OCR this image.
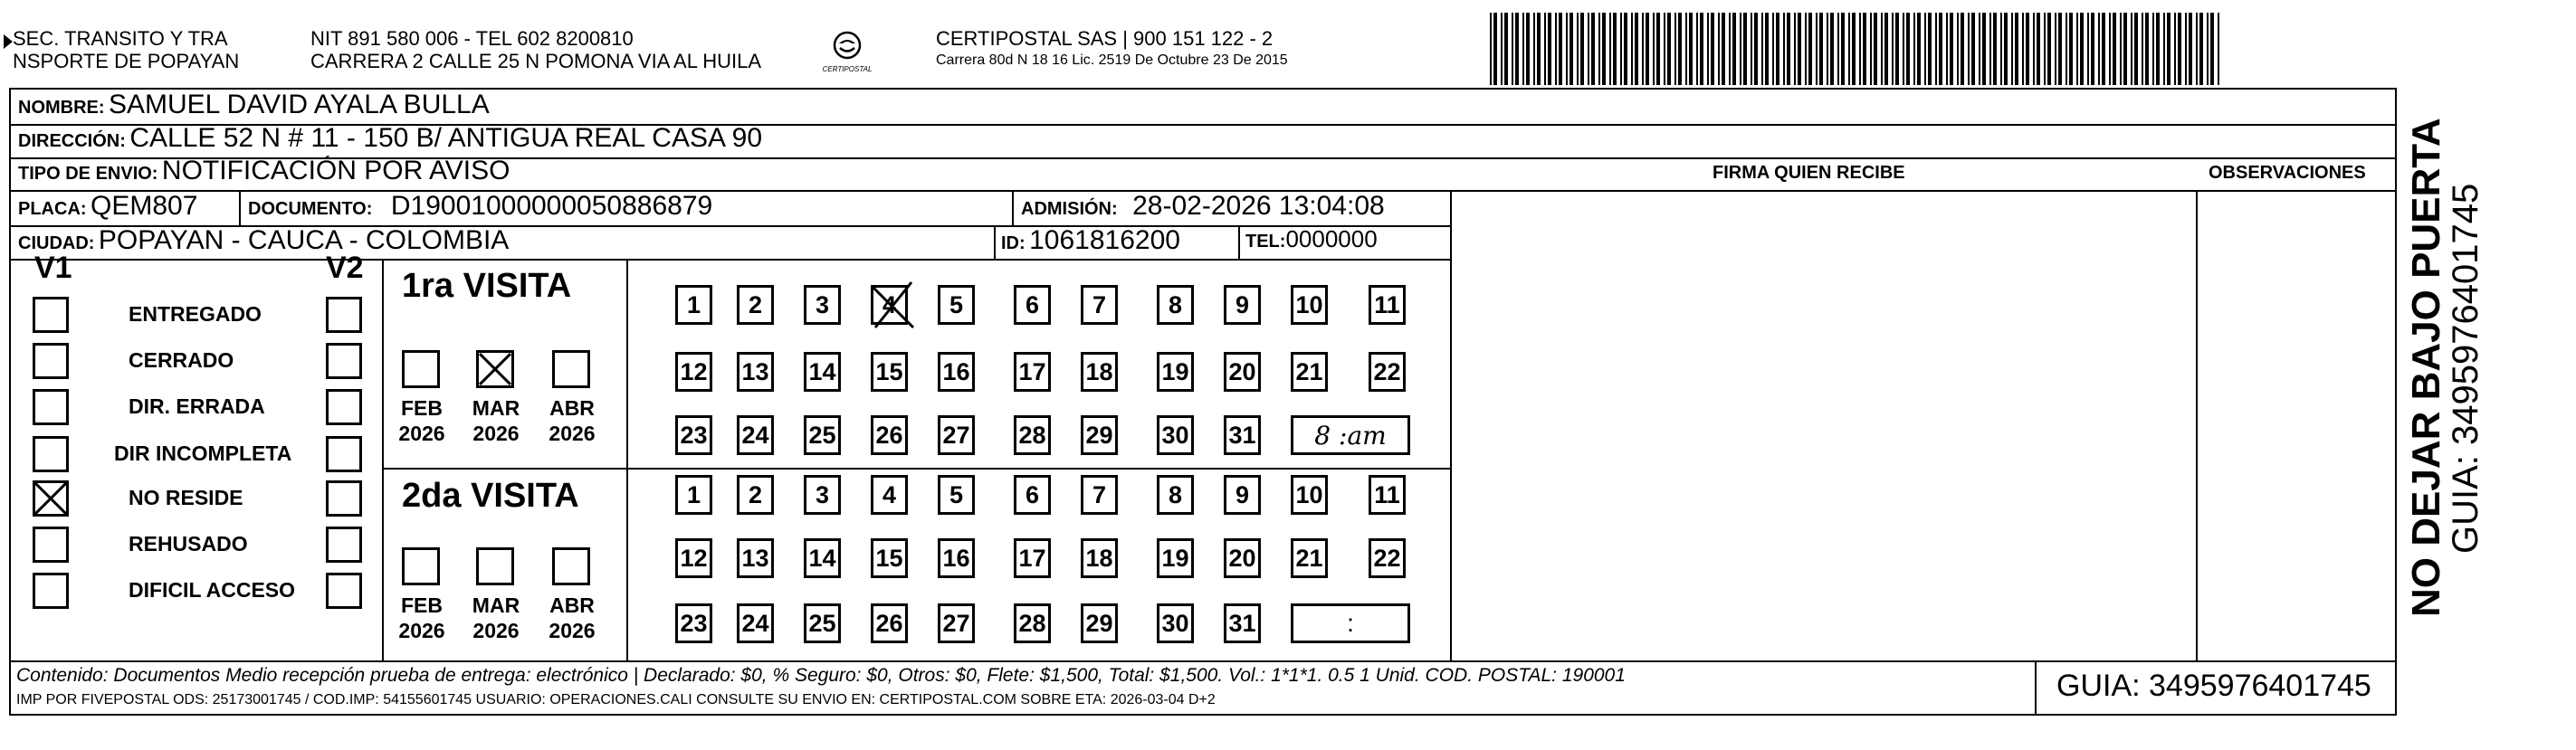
SEC. TRANSITO Y TRA
NSPORTE DE POPAYAN
NIT 891 580 006 - TEL 602 8200810
CARRERA 2 CALLE 25 N POMONA VIA AL HUILA	CERTIPOSTAL
CERTIPOSTAL SAS | 900 151 122 - 2
Carrera 80d N 18 16 Lic. 2519 De Octubre 23 De 2015
NOMBRE: SAMUEL DAVID AYALA BULLA
DIRECCIÓN: CALLE 52 N # 11 - 150 B/ ANTIGUA REAL CASA 90
TIPO DE ENVIO: NOTIFICACIÓN POR AVISO	FIRMA QUIEN RECIBE	OBSERVACIONES
PLACA: QEM807	DOCUMENTO: D19001000000050886879	ADMISIÓN: 28-02-2026 13:04:08
CIUDAD: POPAYAN - CAUCA - COLOMBIA	ID: 1061816200	TEL:0000000
V1	V2
ENTREGADO
CERRADO
DIR. ERRADA
DIR INCOMPLETA
NO RESIDE
REHUSADO
DIFICIL ACCESO
1ra VISITA
FEB
2026
MAR
2026
ABR
2026
1	2	3	4	5	6	7	8	9	10 11
12 13 14 15 16 17 18 19 20 21 22
23 24 25 26 27 28 29 30 31	8 :am
2da VISITA
FEB
2026
MAR
2026
ABR
2026
1	2	3	4	5	6	7	8	9	10 11
12 13 14 15 16 17 18 19 20 21 22
23 24 25 26 27 28 29 30 31	:
Contenido: Documentos Medio recepción prueba de entrega: electrónico | Declarado: $0, % Seguro: $0, Otros: $0, Flete: $1,500, Total: $1,500. Vol.: 1*1*1. 0.5 1 Unid. COD. POSTAL: 190001
IMP POR FIVEPOSTAL ODS: 25173001745 / COD.IMP: 54155601745 USUARIO: OPERACIONES.CALI CONSULTE SU ENVIO EN: CERTIPOSTAL.COM SOBRE ETA: 2026-03-04 D+2	GUIA: 3495976401745
NO DEJAR BAJO PUERTA
GUIA: 3495976401745
